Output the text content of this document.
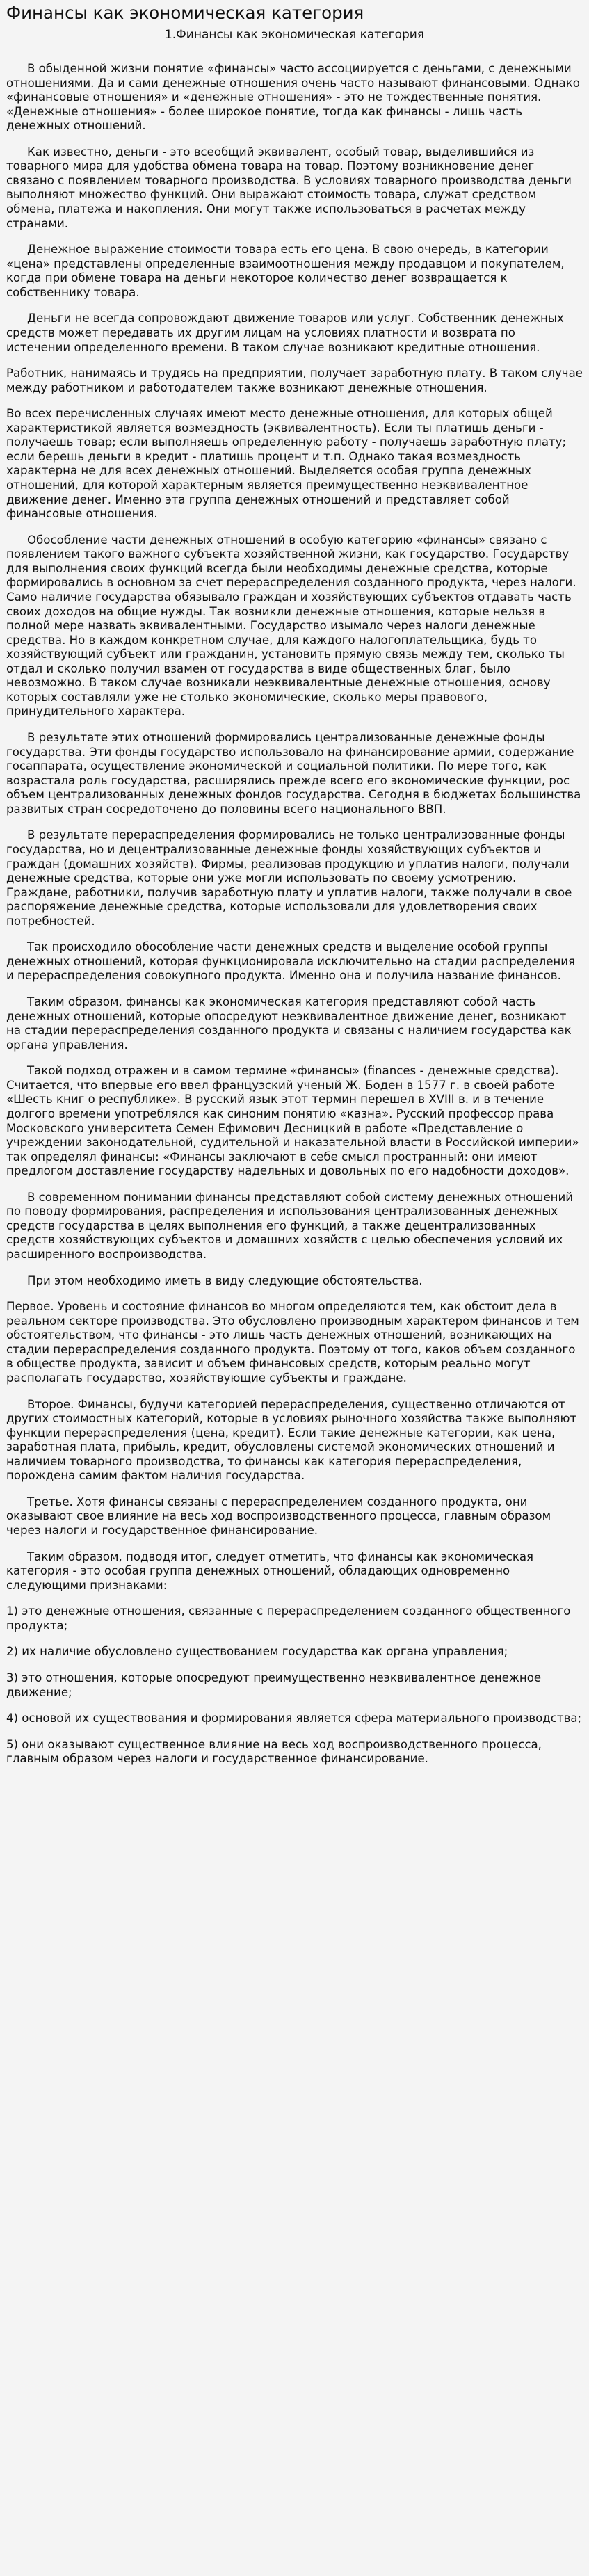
Финансы как экономическая категория
1.Финансы как экономическая категория

В обыденной жизни понятие «финансы» часто ассоциируется с деньгами, с денежными отношениями. Да и сами денежные отношения очень часто называют финансовыми. Однако «финансовые отношения» и «денежные отношения» - это не тождественные понятия. «Денежные отношения» - более широкое понятие, тогда как финансы - лишь часть денежных отношений.

Как известно, деньги - это всеобщий эквивалент, особый товар, выделившийся из товарного мира для удобства обмена товара на товар. Поэтому возникновение денег связано с появлением товарного производства. В условиях товарного производства деньги выполняют множество функций. Они выражают стоимость товара, служат средством обмена, платежа и накопления. Они могут также использоваться в расчетах между странами.

Денежное выражение стоимости товара есть его цена. В свою очередь, в категории «цена» представлены определенные взаимоотношения между продавцом и покупателем, когда при обмене товара на деньги некоторое количество денег возвращается к собственнику товара.

Деньги не всегда сопровождают движение товаров или услуг. Собственник денежных средств может передавать их другим лицам на условиях платности и возврата по истечении определенного времени. В таком случае возникают кредитные отношения.

Работник, нанимаясь и трудясь на предприятии, получает заработную плату. В таком случае между работником и работодателем также возникают денежные отношения.

Во всех перечисленных случаях имеют место денежные отношения, для которых общей характеристикой является возмездность (эквивалентность). Если ты платишь деньги - получаешь товар; если выполняешь определенную работу - получаешь заработную плату; если берешь деньги в кредит - платишь процент и т.п. Однако такая возмездность характерна не для всех денежных отношений. Выделяется особая группа денежных отношений, для которой характерным является преимущественно неэквивалентное движение денег. Именно эта группа денежных отношений и представляет собой финансовые отношения.

Обособление части денежных отношений в особую категорию «финансы» связано с появлением такого важного субъекта хозяйственной жизни, как государство. Государству для выполнения своих функций всегда были необходимы денежные средства, которые формировались в основном за счет перераспределения созданного продукта, через налоги. Само наличие государства обязывало граждан и хозяйствующих субъектов отдавать часть своих доходов на общие нужды. Так возникли денежные отношения, которые нельзя в полной мере назвать эквивалентными. Государство изымало через налоги денежные средства. Но в каждом конкретном случае, для каждого налогоплательщика, будь то хозяйствующий субъект или гражданин, установить прямую связь между тем, сколько ты отдал и сколько получил взамен от государства в виде общественных благ, было невозможно. В таком случае возникали неэквивалентные денежные отношения, основу которых составляли уже не столько экономические, сколько меры правового, принудительного характера.

В результате этих отношений формировались централизованные денежные фонды государства. Эти фонды государство использовало на финансирование армии, содержание госаппарата, осуществление экономической и социальной политики. По мере того, как возрастала роль государства, расширялись прежде всего его экономические функции, рос объем централизованных денежных фондов государства. Сегодня в бюджетах большинства развитых стран сосредоточено до половины всего национального ВВП.

В результате перераспределения формировались не только централизованные фонды государства, но и децентрализованные денежные фонды хозяйствующих субъектов и граждан (домашних хозяйств). Фирмы, реализовав продукцию и уплатив налоги, получали денежные средства, которые они уже могли использовать по своему усмотрению. Граждане, работники, получив заработную плату и уплатив налоги, также получали в свое распоряжение денежные средства, которые использовали для удовлетворения своих потребностей.

Так происходило обособление части денежных средств и выделение особой группы денежных отношений, которая функционировала исключительно на стадии распределения и перераспределения совокупного продукта. Именно она и получила название финансов.

Таким образом, финансы как экономическая категория представляют собой часть денежных отношений, которые опосредуют неэквивалентное движение денег, возникают на стадии перераспределения созданного продукта и связаны с наличием государства как органа управления.

Такой подход отражен и в самом термине «финансы» (finances - денежные средства). Считается, что впервые его ввел французский ученый Ж. Боден в 1577 г. в своей работе «Шесть книг о республике». В русский язык этот термин перешел в XVIII в. и в течение долгого времени употреблялся как синоним понятию «казна». Русский профессор права Московского университета Семен Ефимович Десницкий в работе «Представление о учреждении законодательной, судительной и наказательной власти в Российской империи» так определял финансы: «Финансы заключают в себе смысл пространный: они имеют предлогом доставление государству надельных и довольных по его надобности доходов».

В современном понимании финансы представляют собой систему денежных отношений по поводу формирования, распределения и использования централизованных денежных средств государства в целях выполнения его функций, а также децентрализованных средств хозяйствующих субъектов и домашних хозяйств с целью обеспечения условий их расширенного воспроизводства.

При этом необходимо иметь в виду следующие обстоятельства.

Первое. Уровень и состояние финансов во многом определяются тем, как обстоит дела в реальном секторе производства. Это обусловлено производным характером финансов и тем обстоятельством, что финансы - это лишь часть денежных отношений, возникающих на стадии перераспределения созданного продукта. Поэтому от того, каков объем созданного в обществе продукта, зависит и объем финансовых средств, которым реально могут располагать государство, хозяйствующие субъекты и граждане.

Второе. Финансы, будучи категорией перераспределения, существенно отличаются от других стоимостных категорий, которые в условиях рыночного хозяйства также выполняют функции перераспределения (цена, кредит). Если такие денежные категории, как цена, заработная плата, прибыль, кредит, обусловлены системой экономических отношений и наличием товарного производства, то финансы как категория перераспределения, порождена самим фактом наличия государства.

Третье. Хотя финансы связаны с перераспределением созданного продукта, они оказывают свое влияние на весь ход воспроизводственного процесса, главным образом через налоги и государственное финансирование.

Таким образом, подводя итог, следует отметить, что финансы как экономическая категория - это особая группа денежных отношений, обладающих одновременно следующими признаками:

1) это денежные отношения, связанные с перераспределением созданного общественного продукта;

2) их наличие обусловлено существованием государства как органа управления;

3) это отношения, которые опосредуют преимущественно неэквивалентное денежное движение;

4) основой их существования и формирования является сфера материального производства;

5) они оказывают существенное влияние на весь ход воспроизводственного процесса, главным образом через налоги и государственное финансирование.
